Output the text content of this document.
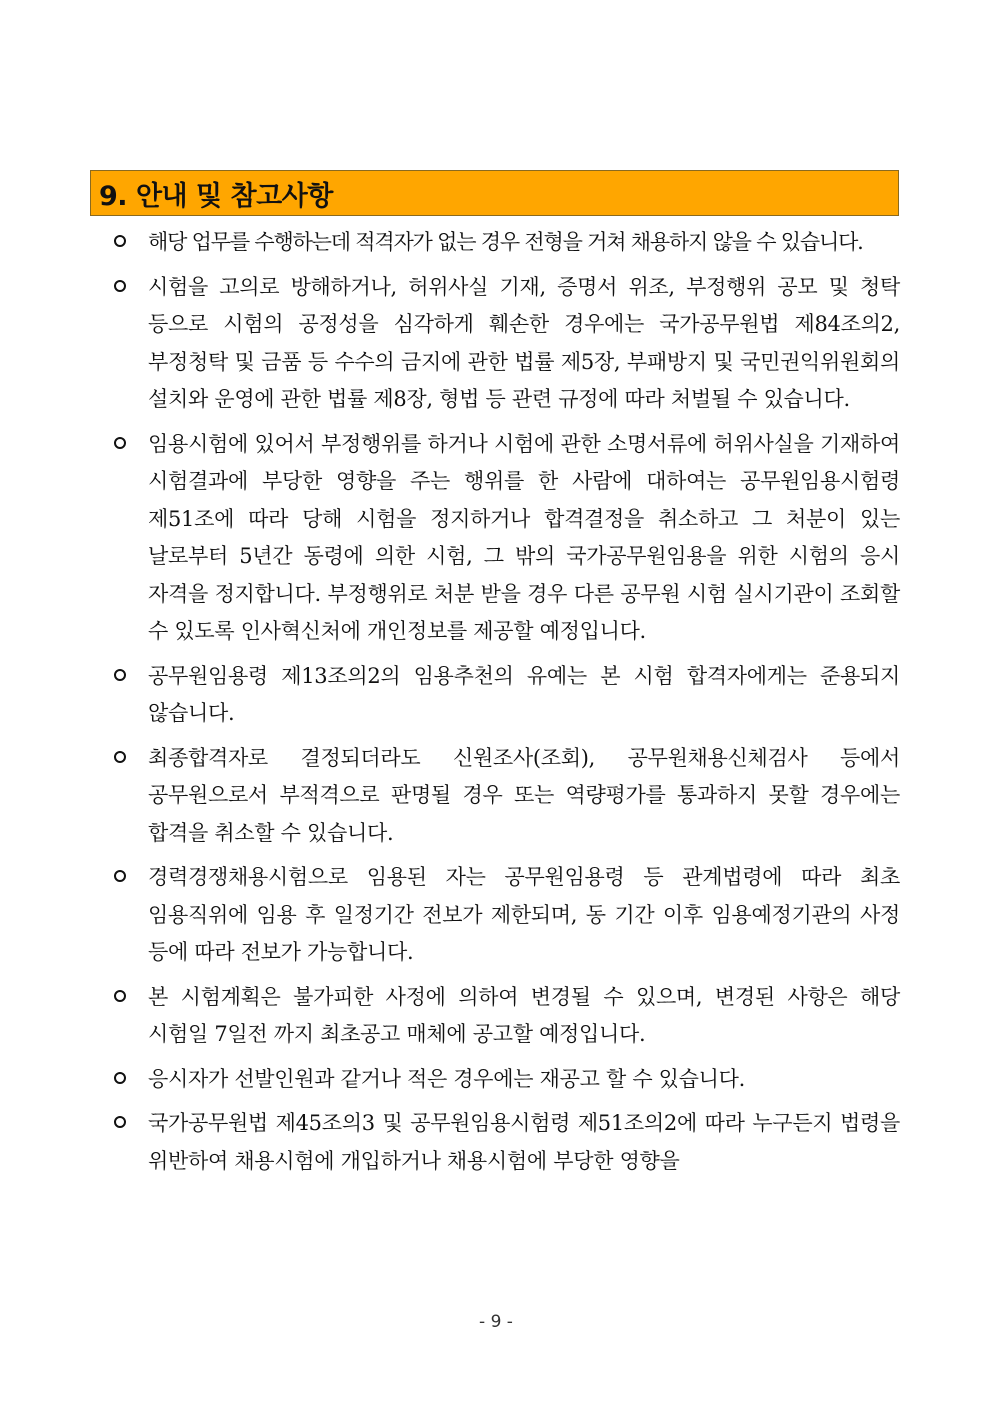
9. 안내 및 참고사항
해당 업무를 수행하는데 적격자가 없는 경우 전형을 거쳐 채용하지 않을 수 있습니다.
시험을 고의로 방해하거나, 허위사실 기재, 증명서 위조, 부정행위 공모 및 청탁 등으로 시험의 공정성을 심각하게 훼손한 경우에는 국가공무원법 제84조의2, 부정청탁 및 금품 등 수수의 금지에 관한 법률 제5장, 부패방지 및 국민권익위원회의 설치와 운영에 관한 법률 제8장, 형법 등 관련 규정에 따라 처벌될 수 있습니다.
임용시험에 있어서 부정행위를 하거나 시험에 관한 소명서류에 허위사실을 기재하여 시험결과에 부당한 영향을 주는 행위를 한 사람에 대하여는 공무원임용시험령 제51조에 따라 당해 시험을 정지하거나 합격결정을 취소하고 그 처분이 있는 날로부터 5년간 동령에 의한 시험, 그 밖의 국가공무원임용을 위한 시험의 응시 자격을 정지합니다. 부정행위로 처분 받을 경우 다른 공무원 시험 실시기관이 조회할 수 있도록 인사혁신처에 개인정보를 제공할 예정입니다.
공무원임용령 제13조의2의 임용추천의 유예는 본 시험 합격자에게는 준용되지 않습니다.
최종합격자로 결정되더라도 신원조사(조회), 공무원채용신체검사 등에서 공무원으로서 부적격으로 판명될 경우 또는 역량평가를 통과하지 못할 경우에는 합격을 취소할 수 있습니다.
경력경쟁채용시험으로 임용된 자는 공무원임용령 등 관계법령에 따라 최초 임용직위에 임용 후 일정기간 전보가 제한되며, 동 기간 이후 임용예정기관의 사정 등에 따라 전보가 가능합니다.
본 시험계획은 불가피한 사정에 의하여 변경될 수 있으며, 변경된 사항은 해당 시험일 7일전 까지 최초공고 매체에 공고할 예정입니다.
응시자가 선발인원과 같거나 적은 경우에는 재공고 할 수 있습니다.
국가공무원법 제45조의3 및 공무원임용시험령 제51조의2에 따라 누구든지 법령을 위반하여 채용시험에 개입하거나 채용시험에 부당한 영향을
- 9 -
